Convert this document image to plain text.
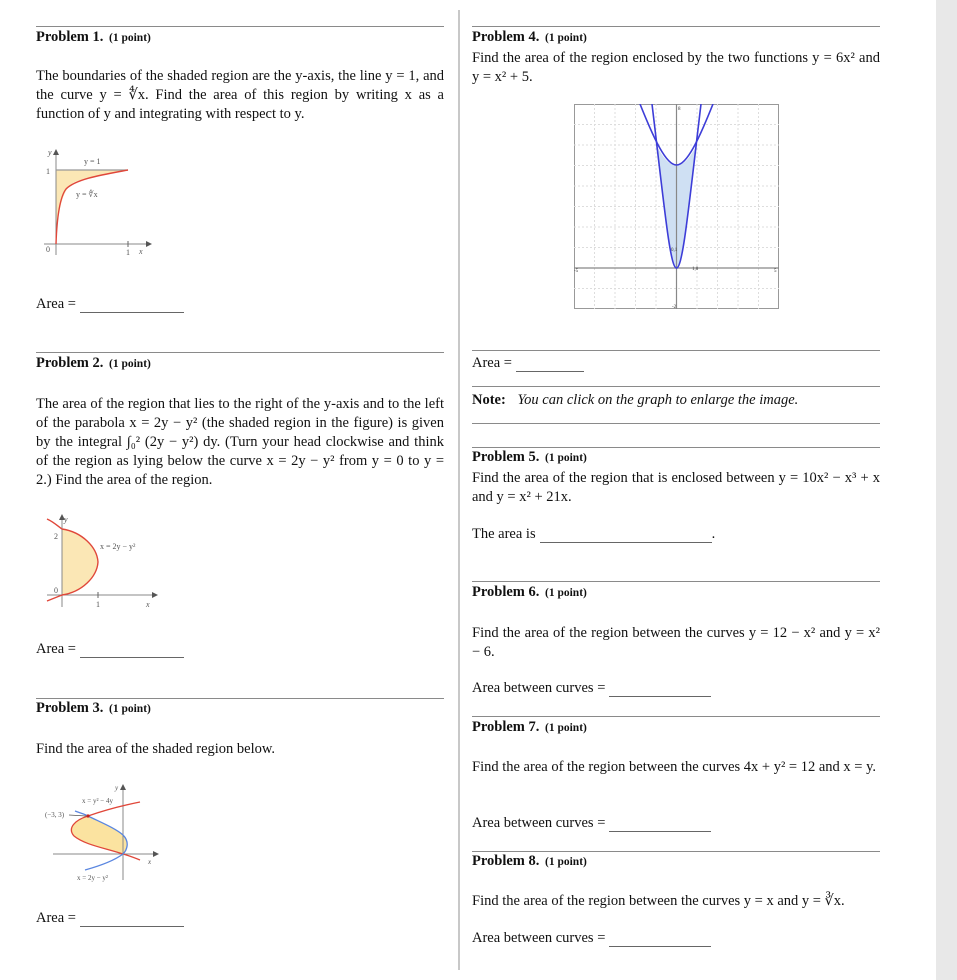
Problem 1. (1 point)
The boundaries of the shaded region are the y-axis, the line y = 1, and the curve y = ∜x. Find the area of this region by writing x as a function of y and integrating with respect to y.
y
y = 1
1
y = ∜x
0	1 x
Area =
Problem 2. (1 point)
The area of the region that lies to the right of the y-axis and to the left of the parabola x = 2y − y² (the shaded region in the figure) is given by the integral ∫₀² (2y − y²) dy. (Turn your head clockwise and think of the region as lying below the curve x = 2y − y² from y = 0 to y = 2.) Find the area of the region.
y
2
x = 2y − y²
0
1	x
Area =
Problem 3. (1 point)
Find the area of the shaded region below.
y
x = y² − 4y
(−3, 3)
x
x = 2y − y²
Area =
Problem 4. (1 point)
Find the area of the region enclosed by the two functions y = 6x² and y = x² + 5.
0,1
1,0
-5	5
8
-2
Area =
Note: You can click on the graph to enlarge the image.
Problem 5. (1 point)
Find the area of the region that is enclosed between y = 10x² − x³ + x and y = x² + 21x.
The area is	.
Problem 6. (1 point)
Find the area of the region between the curves y = 12 − x² and y = x² − 6.
Area between curves =
Problem 7. (1 point)
Find the area of the region between the curves 4x + y² = 12 and x = y.
Area between curves =
Problem 8. (1 point)
Find the area of the region between the curves y = x and y = ∛x.
Area between curves =
